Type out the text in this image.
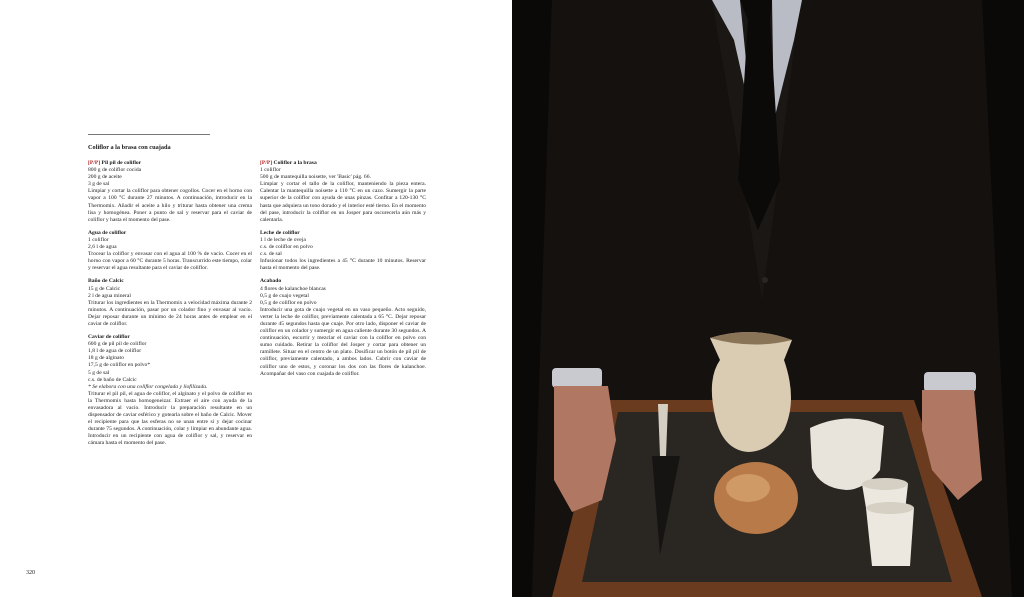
Coliflor a la brasa con cuajada
[P/P] Pil pil de coliflor
800 g de coliflor cocida
200 g de aceite
3 g de sal
Limpiar y cortar la coliflor para obtener cogollos. Cocer en el horno con vapor a 100 °C durante 27 minutos. A continuación, introducir en la Thermomix. Añadir el aceite a hilo y triturar hasta obtener una crema lisa y homogénea. Poner a punto de sal y reservar para el caviar de coliflor y hasta el momento del pase.
Agua de coliflor
1 coliflor
2,6 l de agua
Trocear la coliflor y envasar con el agua al 100 % de vacío. Cocer en el horno con vapor a 60 °C durante 5 horas. Transcurrido este tiempo, colar y reservar el agua resultante para el caviar de coliflor.
Baño de Calcic
15 g de Calcic
2 l de agua mineral
Triturar los ingredientes en la Thermomix a velocidad máxima durante 2 minutos. A continuación, pasar por un colador fino y envasar al vacío. Dejar reposar durante un mínimo de 24 horas antes de emplear en el caviar de coliflor.
Caviar de coliflor
600 g de pil pil de coliflor
1,8 l de agua de coliflor
18 g de alginato
17,5 g de coliflor en polvo*
5 g de sal
c.s. de baño de Calcic
* Se elabora con una coliflor congelada y liofilizada.
Triturar el pil pil, el agua de coliflor, el alginato y el polvo de coliflor en la Thermomix hasta homogeneizar. Extraer el aire con ayuda de la envasadora al vacío. Introducir la preparación resultante en un dispensador de caviar esférico y gotearla sobre el baño de Calcic. Mover el recipiente para que las esferas no se unan entre sí y dejar cocinar durante 75 segundos. A continuación, colar y limpiar en abundante agua. Introducir en un recipiente con agua de coliflor y sal, y reservar en cámara hasta el momento del pase.
[P/P] Coliflor a la brasa
1 coliflor
500 g de mantequilla noisette, ver 'Basic' pág. 66.
Limpiar y cortar el tallo de la coliflor, manteniendo la pieza entera. Calentar la mantequilla noisette a 110 °C en un cazo. Sumergir la parte superior de la coliflor con ayuda de unas pinzas. Confitar a 120-130 °C hasta que adquiera un tono dorado y el interior esté tierno. En el momento del pase, introducir la coliflor en un Josper para oscurecerla aún más y calentarla.
Leche de coliflor
1 l de leche de oveja
c.s. de coliflor en polvo
c.s. de sal
Infusionar todos los ingredientes a 45 °C durante 10 minutos. Reservar hasta el momento del pase.
Acabado
4 flores de kalanchoe blancas
0,5 g de cuajo vegetal
0,5 g de coliflor en polvo
Introducir una gota de cuajo vegetal en un vaso pequeño. Acto seguido, verter la leche de coliflor, previamente calentada a 65 °C. Dejar reposar durante 45 segundos hasta que cuaje. Por otro lado, disponer el caviar de coliflor en un colador y sumergir en agua caliente durante 30 segundos. A continuación, escurrir y mezclar el caviar con la coliflor en polvo con sumo cuidado. Retirar la coliflor del Josper y cortar para obtener un ramillete. Situar en el centro de un plato. Dosificar un botón de pil pil de coliflor, previamente calentado, a ambos lados. Cubrir con caviar de coliflor uno de estos, y coronar los dos con las flores de kalanchoe. Acompañar del vaso con cuajada de coliflor.
320
